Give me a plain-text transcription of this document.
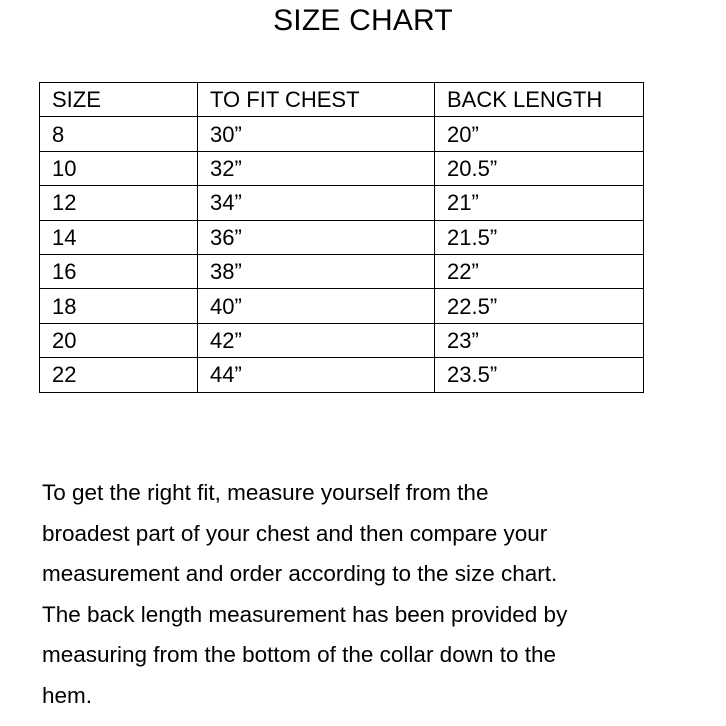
SIZE CHART
SIZE	TO FIT CHEST	BACK LENGTH
8	30”	20”
10	32”	20.5”
12	34”	21”
14	36”	21.5”
16	38”	22”
18	40”	22.5”
20	42”	23”
22	44”	23.5”

To get the right fit, measure yourself from the

broadest part of your chest and then compare your

measurement and order according to the size chart.

The back length measurement has been provided by

measuring from the bottom of the collar down to the

hem.
